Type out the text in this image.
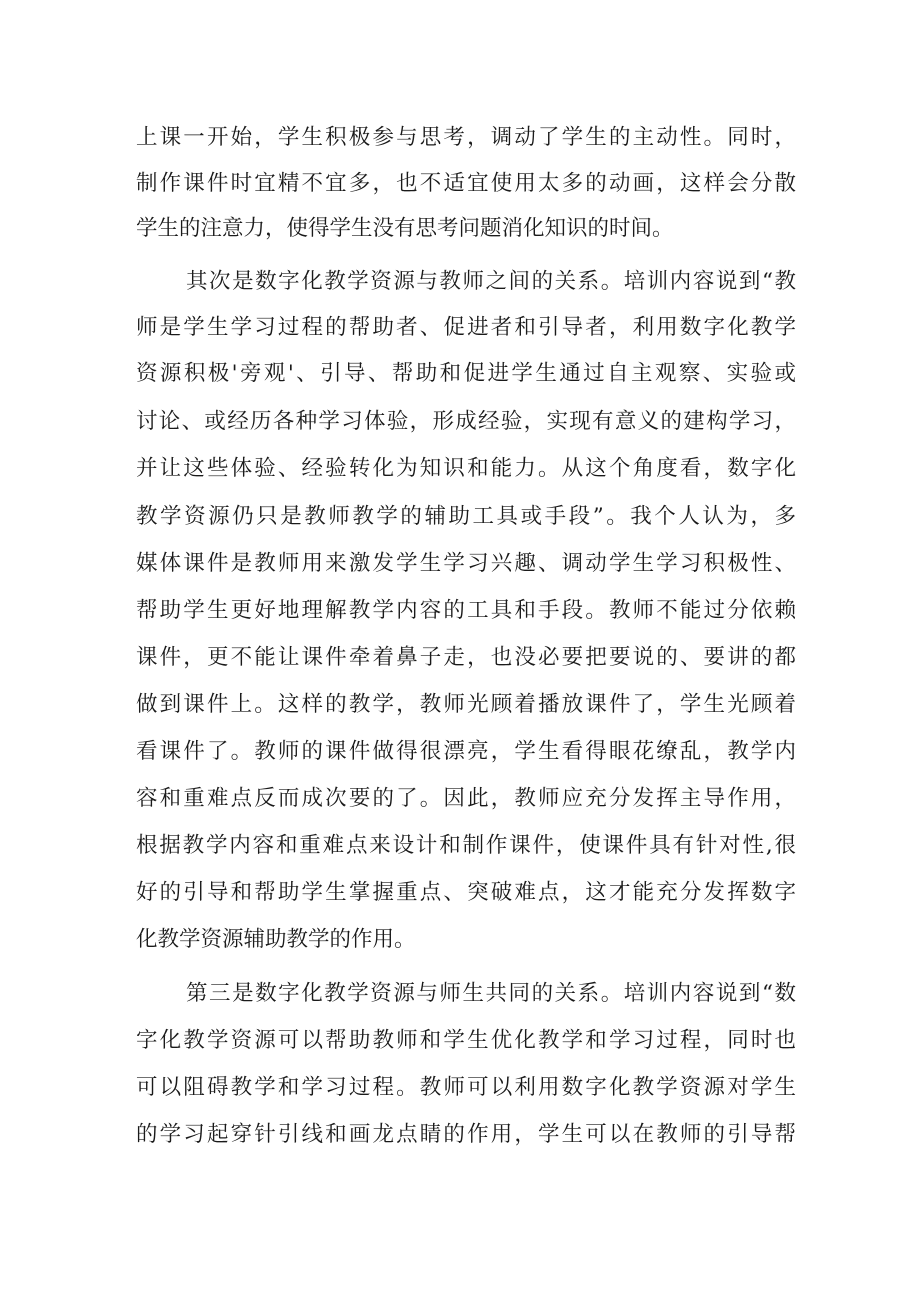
上课一开始，学生积极参与思考，调动了学生的主动性。同时，
制作课件时宜精不宜多，也不适宜使用太多的动画，这样会分散
学生的注意力，使得学生没有思考问题消化知识的时间。
其次是数字化教学资源与教师之间的关系。培训内容说到“教
师是学生学习过程的帮助者、促进者和引导者，利用数字化教学
资源积极'旁观'、引导、帮助和促进学生通过自主观察、实验或
讨论、或经历各种学习体验，形成经验，实现有意义的建构学习，
并让这些体验、经验转化为知识和能力。从这个角度看，数字化
教学资源仍只是教师教学的辅助工具或手段”。我个人认为，多
媒体课件是教师用来激发学生学习兴趣、调动学生学习积极性、
帮助学生更好地理解教学内容的工具和手段。教师不能过分依赖
课件，更不能让课件牵着鼻子走，也没必要把要说的、要讲的都
做到课件上。这样的教学，教师光顾着播放课件了，学生光顾着
看课件了。教师的课件做得很漂亮，学生看得眼花缭乱，教学内
容和重难点反而成次要的了。因此，教师应充分发挥主导作用，
根据教学内容和重难点来设计和制作课件，使课件具有针对性,很
好的引导和帮助学生掌握重点、突破难点，这才能充分发挥数字
化教学资源辅助教学的作用。
第三是数字化教学资源与师生共同的关系。培训内容说到“数
字化教学资源可以帮助教师和学生优化教学和学习过程，同时也
可以阻碍教学和学习过程。教师可以利用数字化教学资源对学生
的学习起穿针引线和画龙点睛的作用，学生可以在教师的引导帮
